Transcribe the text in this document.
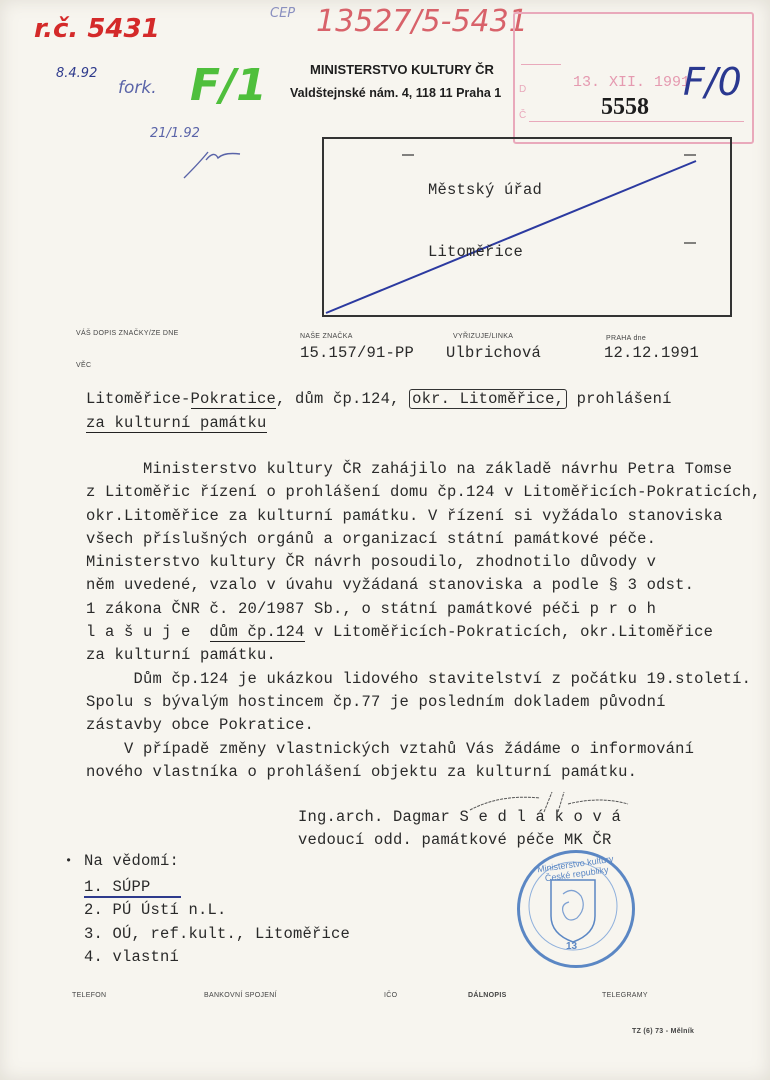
r.č. 5431
CEP 13527/5-5431
8.4.92
fork. F/1
21/1.92
MINISTERSTVO KULTURY ČR
Valdštejnské nám. 4, 118 11 Praha 1 D
Č
13. XII. 1991
5558
F/0
Městský úřad
Litoměřice
VÁŠ DOPIS ZNAČKY/ZE DNE	NAŠE ZNAČKA
15.157/91-PP
VYŘIZUJE/LINKA
Ulbrichová
PRAHA dne
12.12.1991
VĚC
Litoměřice-Pokratice, dům čp.124, okr. Litoměřice, prohlášení
za kulturní památku
Ministerstvo kultury ČR zahájilo na základě návrhu Petra Tomse
z Litoměřic řízení o prohlášení domu čp.124 v Litoměřicích-Pokraticích,
okr.Litoměřice za kulturní památku. V řízení si vyžádalo stanoviska
všech příslušných orgánů a organizací státní památkové péče.
Ministerstvo kultury ČR návrh posoudilo, zhodnotilo důvody v
něm uvedené, vzalo v úvahu vyžádaná stanoviska a podle § 3 odst.
1 zákona ČNR č. 20/1987 Sb., o státní památkové péči p r o h
l a š u j e  dům čp.124 v Litoměřicích-Pokraticích, okr.Litoměřice
za kulturní památku.
Dům čp.124 je ukázkou lidového stavitelství z počátku 19.století.
Spolu s bývalým hostincem čp.77 je posledním dokladem původní
zástavby obce Pokratice.
V případě změny vlastnických vztahů Vás žádáme o informování
nového vlastníka o prohlášení objektu za kulturní památku.
Ing.arch. Dagmar S e d l á k o v á
vedoucí odd. památkové péče MK ČR
• Na vědomí:
1. SÚPP
2. PÚ Ústí n.L.
3. OÚ, ref.kult., Litoměřice
4. vlastní
Ministerstvo kultury České republiky
13
TELEFON	BANKOVNÍ SPOJENÍ	IČO	DÁLNOPIS	TELEGRAMY
TZ (6) 73 - Mělník
